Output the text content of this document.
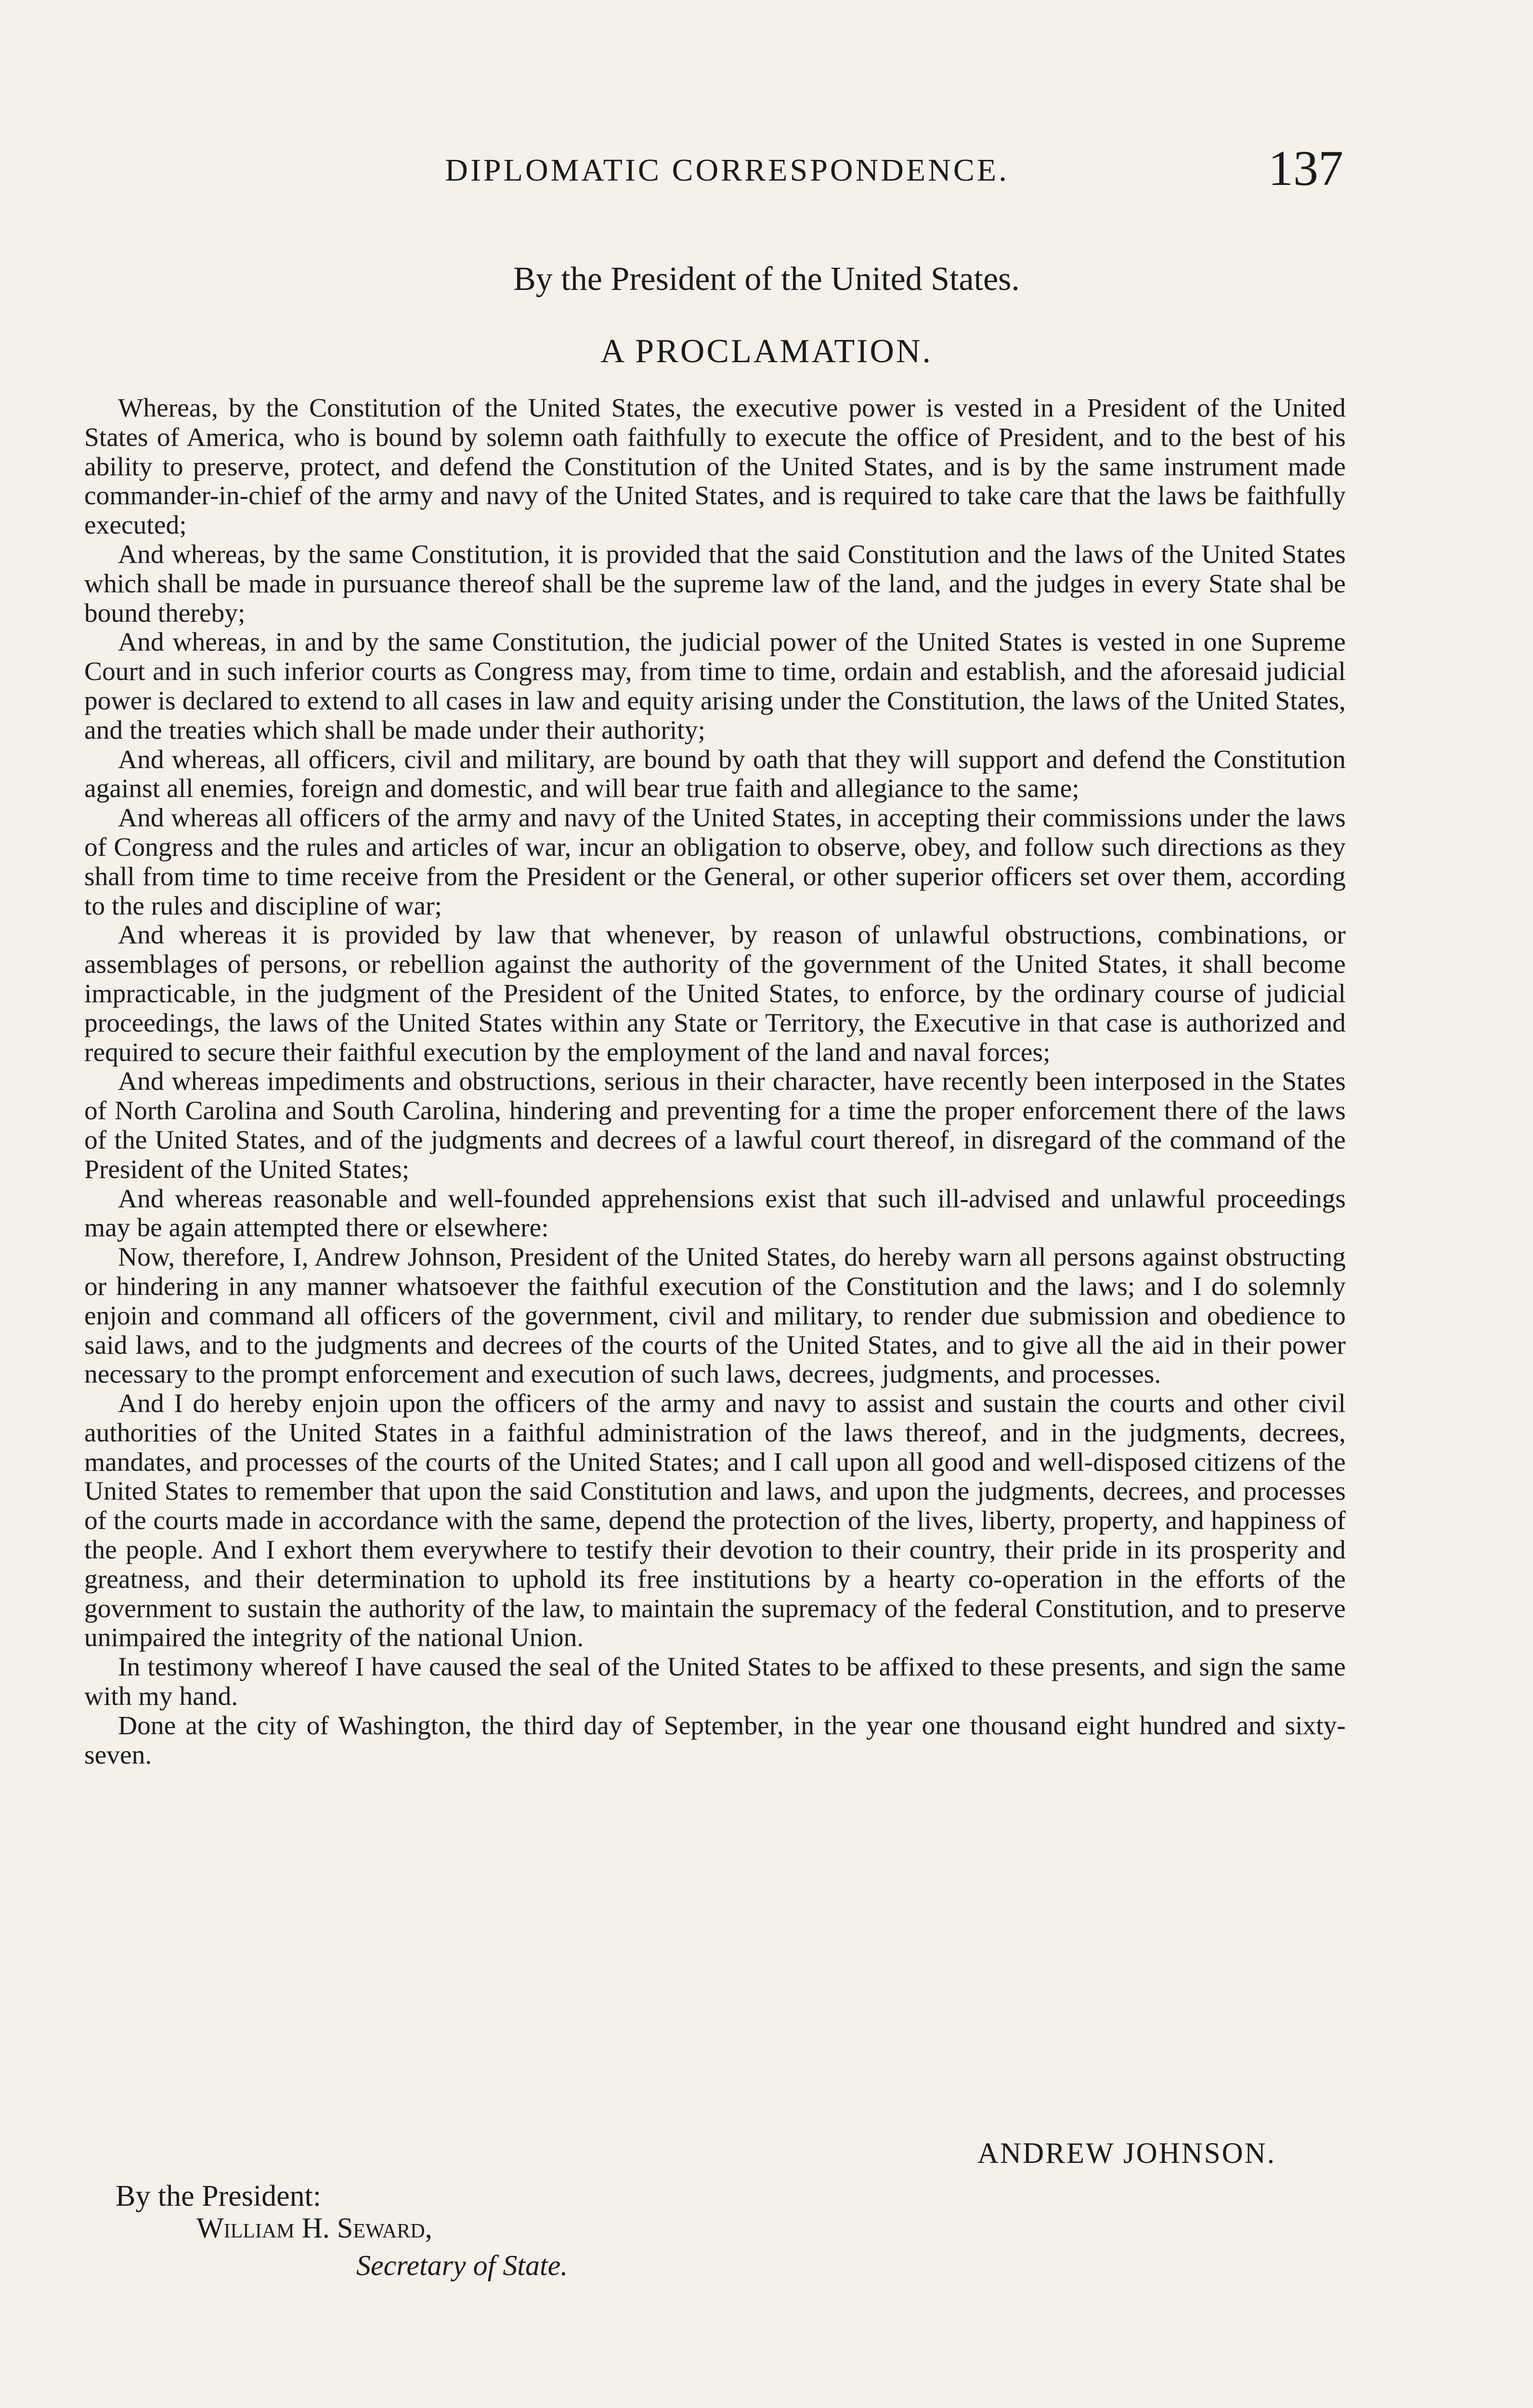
DIPLOMATIC CORRESPONDENCE.	137
By the President of the United States.
A PROCLAMATION.

Whereas, by the Constitution of the United States, the executive power is vested in a President of the United States of America, who is bound by solemn oath faithfully to execute the office of President, and to the best of his ability to preserve, protect, and defend the Constitution of the United States, and is by the same instrument made commander-in-chief of the army and navy of the United States, and is required to take care that the laws be faithfully executed;

And whereas, by the same Constitution, it is provided that the said Constitution and the laws of the United States which shall be made in pursuance thereof shall be the supreme law of the land, and the judges in every State shal be bound thereby;

And whereas, in and by the same Constitution, the judicial power of the United States is vested in one Supreme Court and in such inferior courts as Congress may, from time to time, ordain and establish, and the aforesaid judicial power is declared to extend to all cases in law and equity arising under the Constitution, the laws of the United States, and the treaties which shall be made under their authority;

And whereas, all officers, civil and military, are bound by oath that they will support and defend the Constitution against all enemies, foreign and domestic, and will bear true faith and allegiance to the same;

And whereas all officers of the army and navy of the United States, in accepting their commissions under the laws of Congress and the rules and articles of war, incur an obligation to observe, obey, and follow such directions as they shall from time to time receive from the President or the General, or other superior officers set over them, according to the rules and discipline of war;

And whereas it is provided by law that whenever, by reason of unlawful obstructions, combinations, or assemblages of persons, or rebellion against the authority of the government of the United States, it shall become impracticable, in the judgment of the President of the United States, to enforce, by the ordinary course of judicial proceedings, the laws of the United States within any State or Territory, the Executive in that case is authorized and required to secure their faithful execution by the employment of the land and naval forces;

And whereas impediments and obstructions, serious in their character, have recently been interposed in the States of North Carolina and South Carolina, hindering and preventing for a time the proper enforcement there of the laws of the United States, and of the judgments and decrees of a lawful court thereof, in disregard of the command of the President of the United States;

And whereas reasonable and well-founded apprehensions exist that such ill-advised and unlawful proceedings may be again attempted there or elsewhere:

Now, therefore, I, Andrew Johnson, President of the United States, do hereby warn all persons against obstructing or hindering in any manner whatsoever the faithful execution of the Constitution and the laws; and I do solemnly enjoin and command all officers of the government, civil and military, to render due submission and obedience to said laws, and to the judgments and decrees of the courts of the United States, and to give all the aid in their power necessary to the prompt enforcement and execution of such laws, decrees, judgments, and processes.

And I do hereby enjoin upon the officers of the army and navy to assist and sustain the courts and other civil authorities of the United States in a faithful administration of the laws thereof, and in the judgments, decrees, mandates, and processes of the courts of the United States; and I call upon all good and well-disposed citizens of the United States to remember that upon the said Constitution and laws, and upon the judgments, decrees, and processes of the courts made in accordance with the same, depend the protection of the lives, liberty, property, and happiness of the people. And I exhort them everywhere to testify their devotion to their country, their pride in its prosperity and greatness, and their determination to uphold its free institutions by a hearty co-operation in the efforts of the government to sustain the authority of the law, to maintain the supremacy of the federal Constitution, and to preserve unimpaired the integrity of the national Union.

In testimony whereof I have caused the seal of the United States to be affixed to these presents, and sign the same with my hand.

Done at the city of Washington, the third day of September, in the year one thousand eight hundred and sixty-seven.

ANDREW JOHNSON.
By the President:
William H. Seward,
Secretary of State.
